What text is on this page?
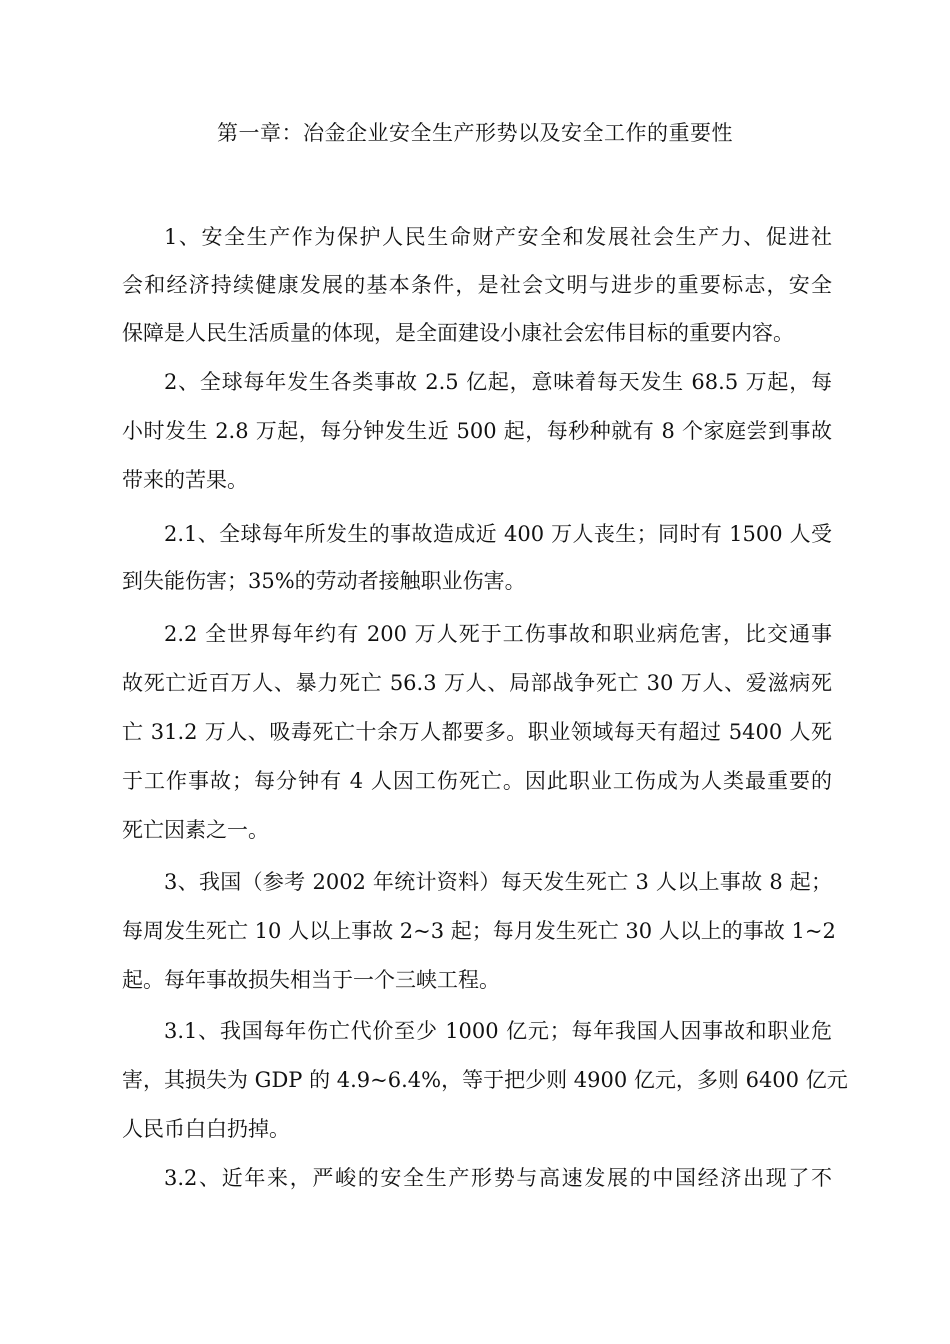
第一章：冶金企业安全生产形势以及安全工作的重要性
1、安全生产作为保护人民生命财产安全和发展社会生产力、促进社
会和经济持续健康发展的基本条件，是社会文明与进步的重要标志，安全
保障是人民生活质量的体现，是全面建设小康社会宏伟目标的重要内容。
2、全球每年发生各类事故 2.5 亿起，意味着每天发生 68.5 万起，每
小时发生 2.8 万起，每分钟发生近 500 起，每秒种就有 8 个家庭尝到事故
带来的苦果。
2.1、全球每年所发生的事故造成近 400 万人丧生；同时有 1500 人受
到失能伤害；35%的劳动者接触职业伤害。
2.2 全世界每年约有 200 万人死于工伤事故和职业病危害，比交通事
故死亡近百万人、暴力死亡 56.3 万人、局部战争死亡 30 万人、爱滋病死
亡 31.2 万人、吸毒死亡十余万人都要多。职业领域每天有超过 5400 人死
于工作事故；每分钟有 4 人因工伤死亡。因此职业工伤成为人类最重要的
死亡因素之一。
3、我国（参考 2002 年统计资料）每天发生死亡 3 人以上事故 8 起；
每周发生死亡 10 人以上事故 2~3 起；每月发生死亡 30 人以上的事故 1~2
起。每年事故损失相当于一个三峡工程。
3.1、我国每年伤亡代价至少 1000 亿元；每年我国人因事故和职业危
害，其损失为 GDP 的 4.9~6.4%，等于把少则 4900 亿元，多则 6400 亿元
人民币白白扔掉。
3.2、近年来，严峻的安全生产形势与高速发展的中国经济出现了不
